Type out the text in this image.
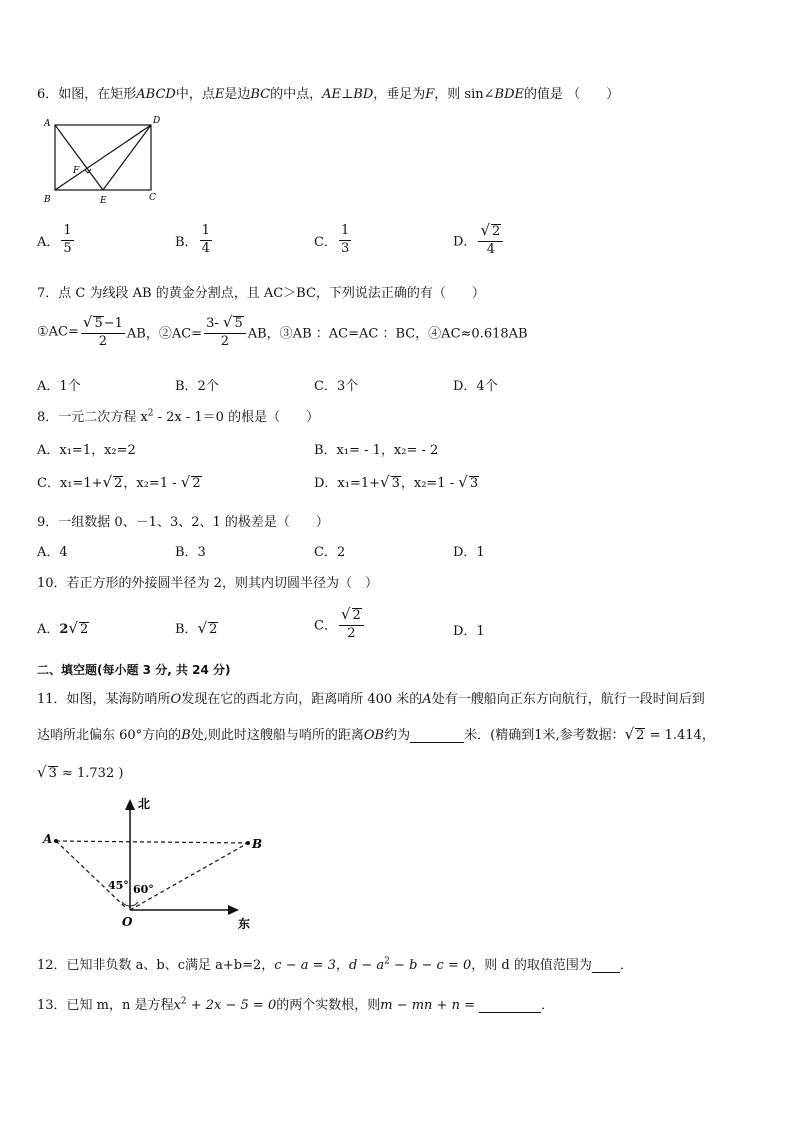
6．如图，在矩形ABCD中，点E是边BC的中点，AE⊥BD，垂足为F，则 sin∠BDE的值是 （　　）
A	D
B	E	C
F
A． $\frac{1}{5}$	B． $\frac{1}{4}$	C． $\frac{1}{3}$	D． $\frac{√ 2}{4}$
7．点 C 为线段 AB 的黄金分割点，且 AC＞BC，下列说法正确的有（　　）
①AC= $\frac{√ 5-1}{2}$ AB，②AC= $\frac{3- √ 5}{2}$ AB，③AB ：AC=AC ：BC，④AC≈0.618AB
A．1个	B．2个	C．3个	D．4个
8．一元二次方程 $x^2 - 2x - 1=0$ 的根是（　　）
A．x₁=1，x₂=2	B．x₁= - 1，x₂= - 2
C．x₁=1+√ 2，x₂=1 - √ 2	D．x₁=1+√ 3，x₂=1 - √ 3
9．一组数据 0、－1、3、2、1 的极差是（　　）
A．4	B．3	C．2	D．1
10．若正方形的外接圆半径为 2，则其内切圆半径为（　）
A．2√ 2	B．√ 2	C． $\frac{√ 2}{2}$	D．1
二、填空题(每小题 3 分, 共 24 分)
11．如图，某海防哨所O发现在它的西北方向，距离哨所 400 米的A处有一艘船向正东方向航行，航行一段时间后到
达哨所北偏东 60°方向的B处,则此时这艘船与哨所的距离OB约为	米．(精确到1米,参考数据：√ 2 = 1.414，
√ 3 ≈ 1.732 )
北
东
A	B
O
45° 60°
12．已知非负数 a、b、c满足 a+b=2，c − a = 3，$d - a^2 - b - c = 0$，则 d 的取值范围为 ．
13．已知 m，n 是方程$x^2 + 2x - 5 = 0$的两个实数根，则m − mn + n =	．
